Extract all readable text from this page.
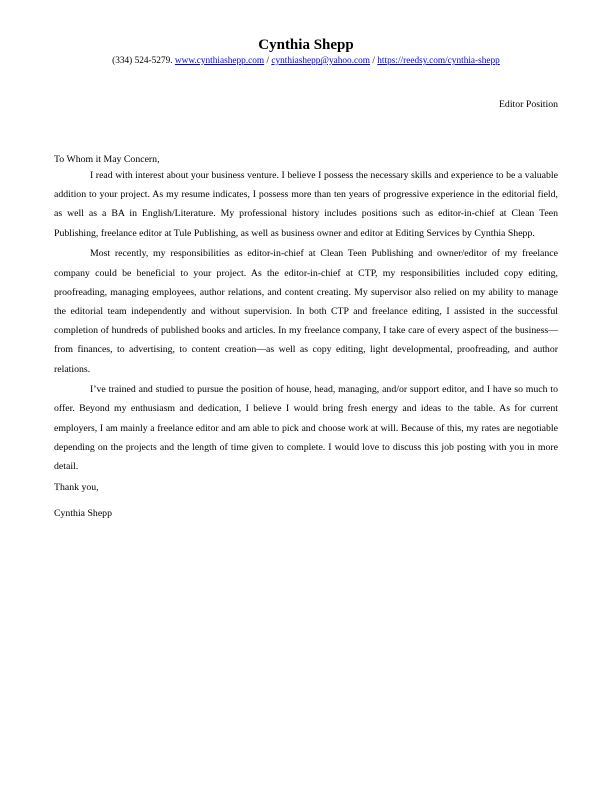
Cynthia Shepp
(334) 524-5279. www.cynthiashepp.com / cynthiashepp@yahoo.com / https://reedsy.com/cynthia-shepp
Editor Position

To Whom it May Concern,

I read with interest about your business venture. I believe I possess the necessary skills and experience to be a valuable addition to your project. As my resume indicates, I possess more than ten years of progressive experience in the editorial field, as well as a BA in English/Literature. My professional history includes positions such as editor-in-chief at Clean Teen Publishing, freelance editor at Tule Publishing, as well as business owner and editor at Editing Services by Cynthia Shepp.

Most recently, my responsibilities as editor-in-chief at Clean Teen Publishing and owner/editor of my freelance company could be beneficial to your project. As the editor-in-chief at CTP, my responsibilities included copy editing, proofreading, managing employees, author relations, and content creating. My supervisor also relied on my ability to manage the editorial team independently and without supervision. In both CTP and freelance editing, I assisted in the successful completion of hundreds of published books and articles. In my freelance company, I take care of every aspect of the business—from finances, to advertising, to content creation—as well as copy editing, light developmental, proofreading, and author relations.

I’ve trained and studied to pursue the position of house, head, managing, and/or support editor, and I have so much to offer. Beyond my enthusiasm and dedication, I believe I would bring fresh energy and ideas to the table. As for current employers, I am mainly a freelance editor and am able to pick and choose work at will. Because of this, my rates are negotiable depending on the projects and the length of time given to complete. I would love to discuss this job posting with you in more detail.

Thank you,

Cynthia Shepp
